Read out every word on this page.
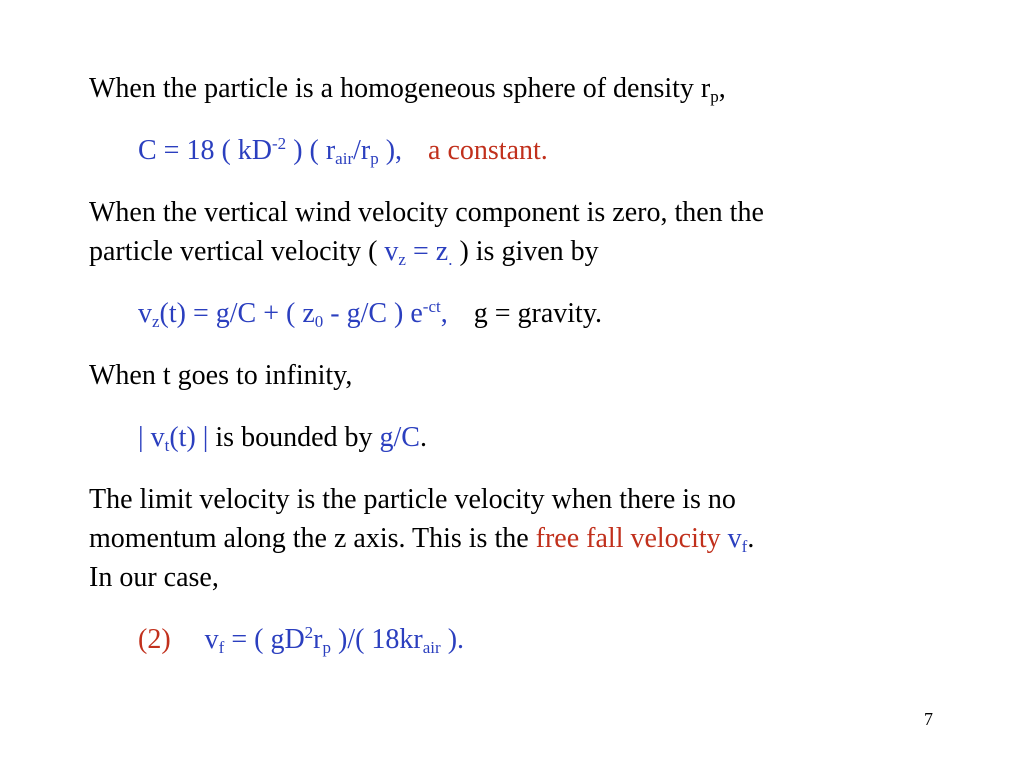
When the particle is a homogeneous sphere of density $r_p$,
C = 18 ( $kD^{-2}$ ) ( $r_{air}/r_p$ ), a constant.
When the vertical wind velocity component is zero, then the
particle vertical velocity ( $v_z = z_.$ ) is given by
$v_z(t) = g/C$ + ( $z_0 - g/C$ ) $e^{-ct}$, g = gravity.
When t goes to infinity,
| $v_t(t)$ | is bounded by g/C.
The limit velocity is the particle velocity when there is no
momentum along the z axis. This is the free fall velocity $v_f$.
In our case,
(2) $v_f$ = ( $gD^2r_p$ )/( $18kr_{air}$ ).
7
